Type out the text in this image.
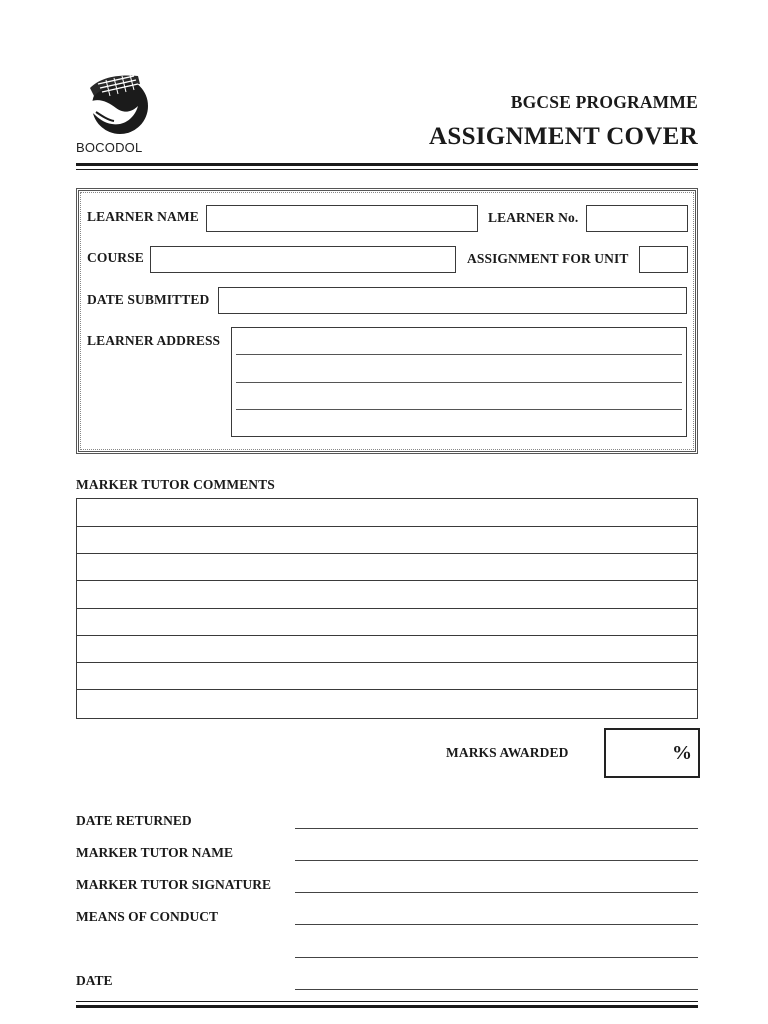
BOCODOL
BGCSE PROGRAMME
ASSIGNMENT COVER
LEARNER NAME	LEARNER No.
COURSE	ASSIGNMENT FOR UNIT
DATE SUBMITTED
LEARNER ADDRESS
MARKER TUTOR COMMENTS
MARKS AWARDED	%
DATE RETURNED
MARKER TUTOR NAME
MARKER TUTOR SIGNATURE
MEANS OF CONDUCT
DATE
